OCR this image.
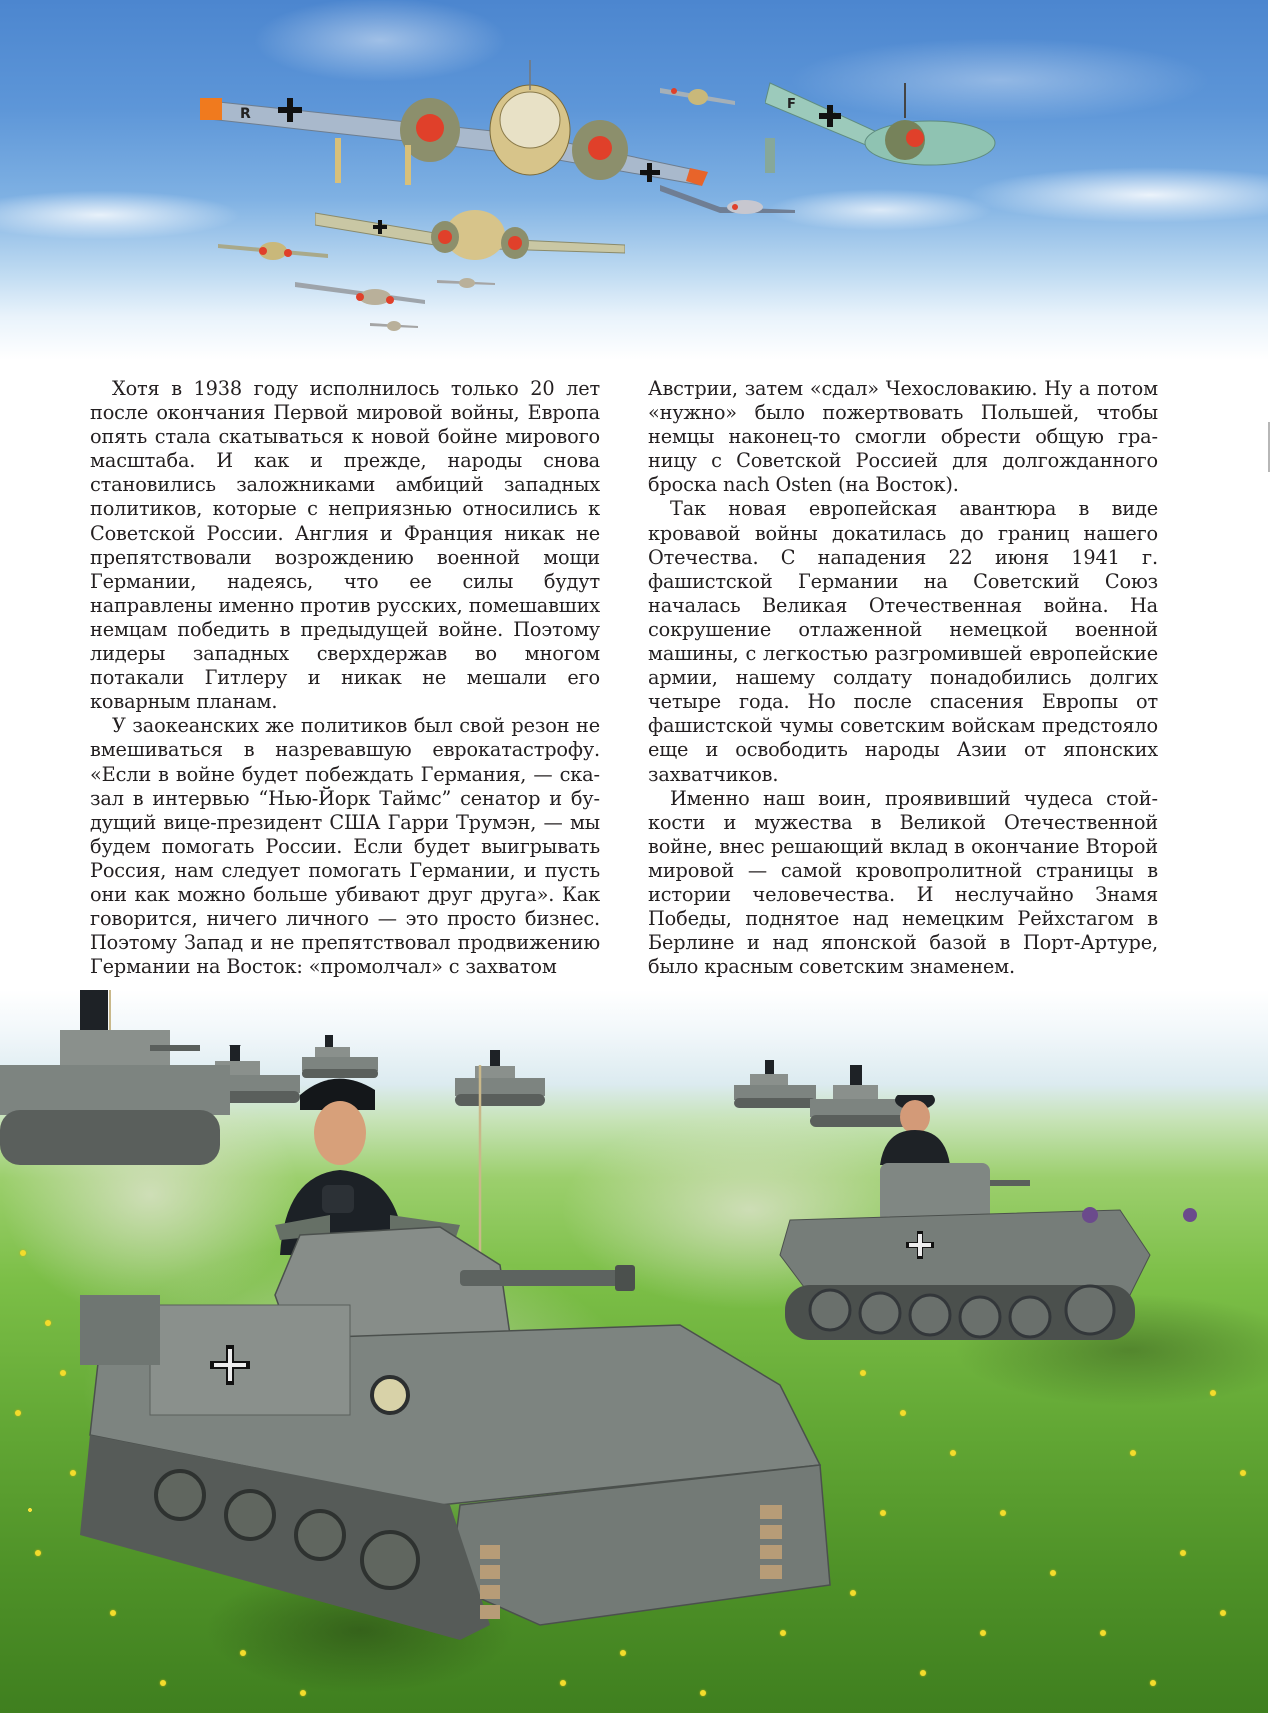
R
F

Хотя в 1938 году исполнилось только 20 лет после окончания Первой мировой войны, Европа опять стала скатываться к новой бойне мирового масштаба. И как и прежде, народы снова становились заложниками амбиций западных политиков, которые с неприязнью относились к Советской России. Англия и Франция никак не препятствовали возрождению военной мощи Германии, надеясь, что ее силы будут направлены именно против русских, помешавших немцам победить в предыдущей войне. Поэтому лидеры западных сверхдержав во многом потакали Гитлеру и никак не мешали его коварным планам.

У заокеанских же политиков был свой резон не вмешиваться в назревавшую еврокатастрофу. «Если в войне будет побеждать Германия, — сказал в интервью “Нью-Йорк Таймс” сенатор и будущий вице-президент США Гарри Трумэн, — мы будем помогать России. Если будет выигрывать Россия, нам следует помогать Германии, и пусть они как можно больше убивают друг друга». Как говорится, ничего личного — это просто бизнес. Поэтому Запад и не препятствовал продвижению Германии на Восток: «промолчал» с захватом

Австрии, затем «сдал» Чехословакию. Ну а потом «нужно» было пожертвовать Польшей, чтобы немцы наконец-то смогли обрести общую границу с Советской Россией для долгожданного броска nach Osten (на Восток).

Так новая европейская авантюра в виде кровавой войны докатилась до границ нашего Отечества. С нападения 22 июня 1941 г. фашистской Германии на Советский Союз началась Великая Отечественная война. На сокрушение отлаженной немецкой военной машины, с легкостью разгромившей европейские армии, нашему солдату понадобились долгих четыре года. Но после спасения Европы от фашистской чумы советским войскам предстояло еще и освободить народы Азии от японских захватчиков.

Именно наш воин, проявивший чудеса стойкости и мужества в Великой Отечественной войне, внес решающий вклад в окончание Второй мировой — самой кровопролитной страницы в истории человечества. И неслучайно Знамя Победы, поднятое над немецким Рейхстагом в Берлине и над японской базой в Порт-Артуре, было красным советским знаменем.
